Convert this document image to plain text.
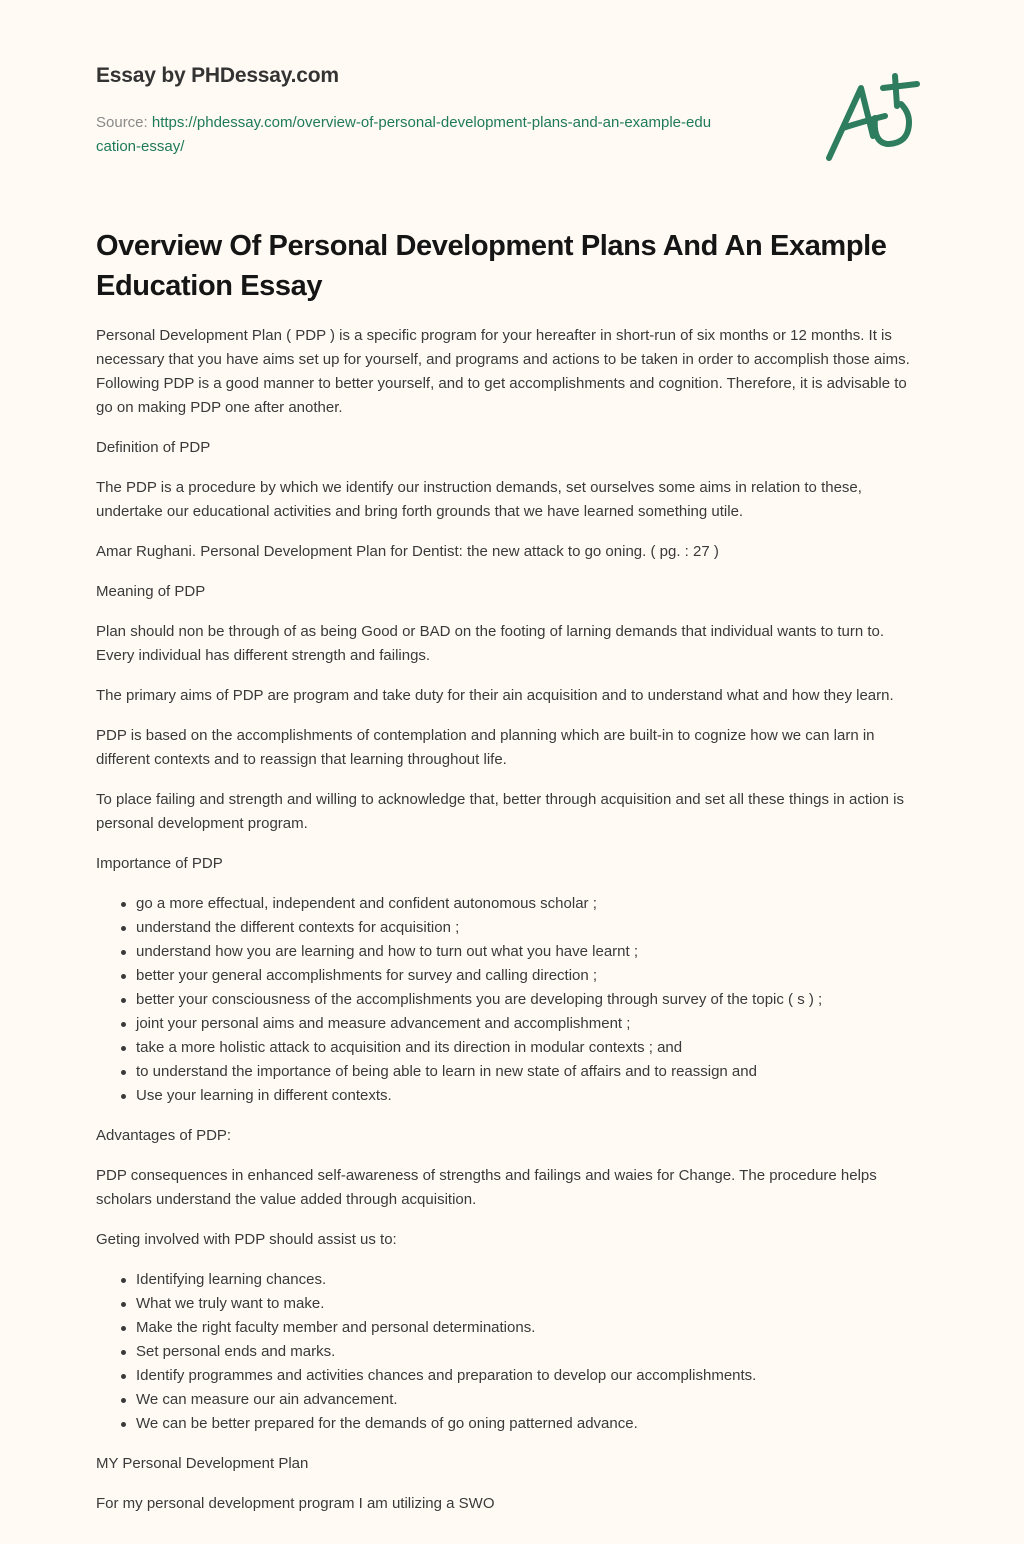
Essay by PHDessay.com
Source: https://phdessay.com/overview-of-personal-development-plans-and-an-example-education-essay/
Overview Of Personal Development Plans And An Example Education Essay

Personal Development Plan ( PDP ) is a specific program for your hereafter in short-run of six months or 12 months. It is necessary that you have aims set up for yourself, and programs and actions to be taken in order to accomplish those aims. Following PDP is a good manner to better yourself, and to get accomplishments and cognition. Therefore, it is advisable to go on making PDP one after another.

Definition of PDP

The PDP is a procedure by which we identify our instruction demands, set ourselves some aims in relation to these, undertake our educational activities and bring forth grounds that we have learned something utile.

Amar Rughani. Personal Development Plan for Dentist: the new attack to go oning. ( pg. : 27 )

Meaning of PDP

Plan should non be through of as being Good or BAD on the footing of larning demands that individual wants to turn to. Every individual has different strength and failings.

The primary aims of PDP are program and take duty for their ain acquisition and to understand what and how they learn.

PDP is based on the accomplishments of contemplation and planning which are built-in to cognize how we can larn in different contexts and to reassign that learning throughout life.

To place failing and strength and willing to acknowledge that, better through acquisition and set all these things in action is personal development program.

Importance of PDP

go a more effectual, independent and confident autonomous scholar ;
understand the different contexts for acquisition ;
understand how you are learning and how to turn out what you have learnt ;
better your general accomplishments for survey and calling direction ;
better your consciousness of the accomplishments you are developing through survey of the topic ( s ) ;
joint your personal aims and measure advancement and accomplishment ;
take a more holistic attack to acquisition and its direction in modular contexts ; and
to understand the importance of being able to learn in new state of affairs and to reassign and
Use your learning in different contexts.

Advantages of PDP:

PDP consequences in enhanced self-awareness of strengths and failings and waies for Change. The procedure helps scholars understand the value added through acquisition.

Geting involved with PDP should assist us to:

Identifying learning chances.
What we truly want to make.
Make the right faculty member and personal determinations.
Set personal ends and marks.
Identify programmes and activities chances and preparation to develop our accomplishments.
We can measure our ain advancement.
We can be better prepared for the demands of go oning patterned advance.

MY Personal Development Plan

For my personal development program I am utilizing a SWO
